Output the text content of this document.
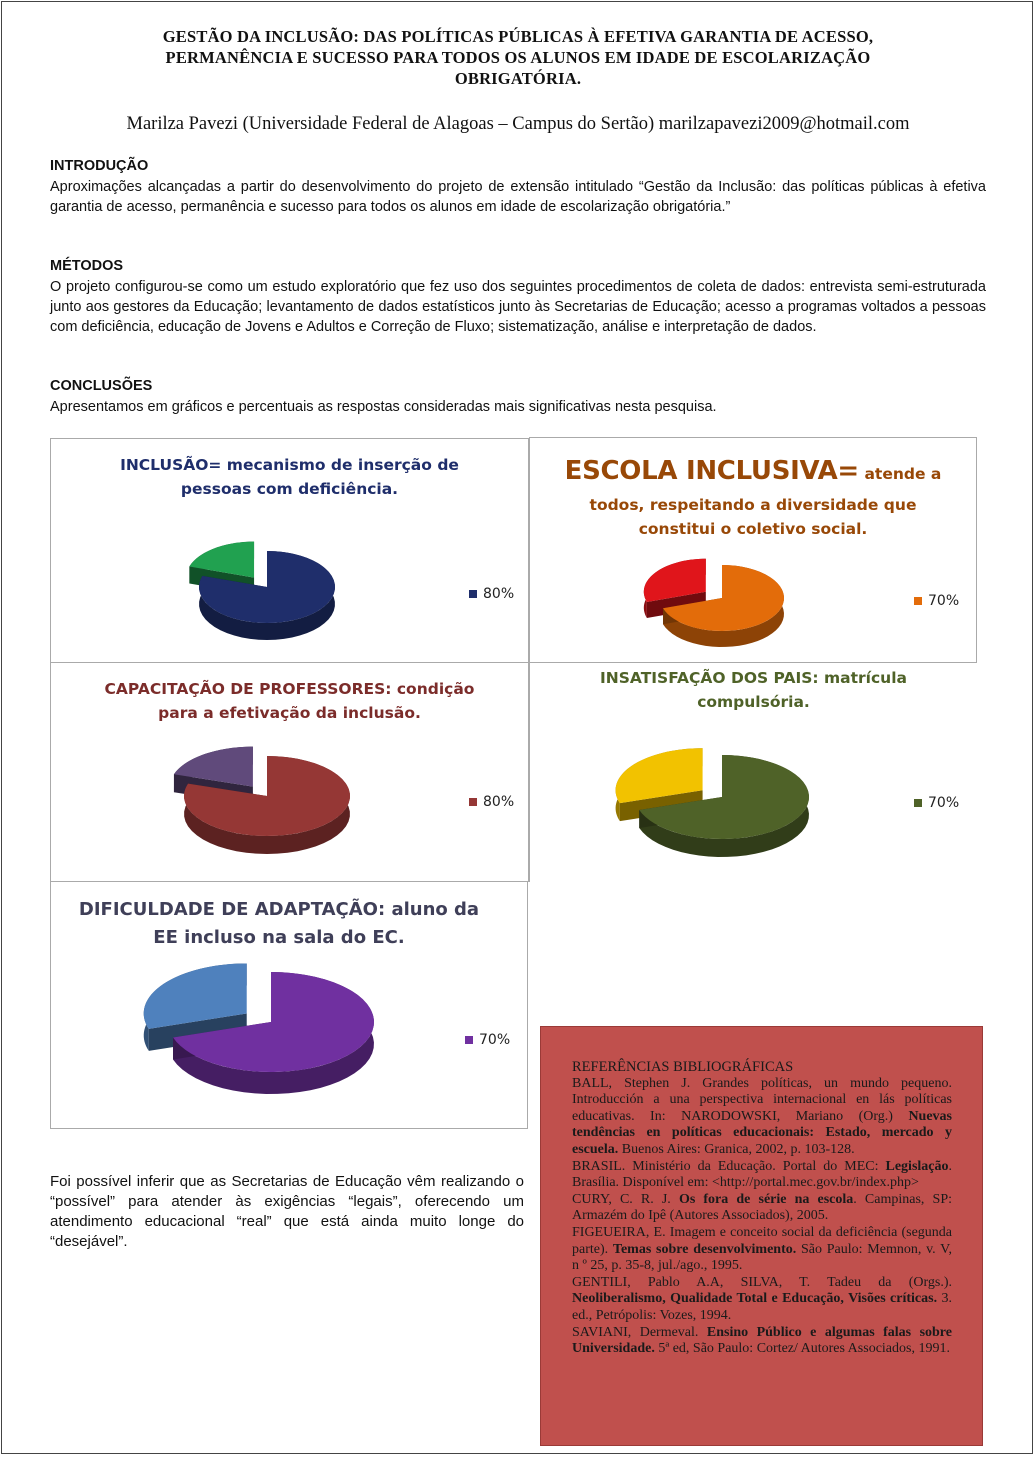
GESTÃO DA INCLUSÃO: DAS POLÍTICAS PÚBLICAS À EFETIVA GARANTIA DE ACESSO,
PERMANÊNCIA E SUCESSO PARA TODOS OS ALUNOS EM IDADE DE ESCOLARIZAÇÃO
OBRIGATÓRIA.
Marilza Pavezi (Universidade Federal de Alagoas – Campus do Sertão) marilzapavezi2009@hotmail.com
INTRODUÇÃO
Aproximações alcançadas a partir do desenvolvimento do projeto de extensão intitulado “Gestão da Inclusão: das políticas públicas à efetiva garantia de acesso, permanência e sucesso para todos os alunos em idade de escolarização obrigatória.”
MÉTODOS
O projeto configurou-se como um estudo exploratório que fez uso dos seguintes procedimentos de coleta de dados: entrevista semi-estruturada junto aos gestores da Educação; levantamento de dados estatísticos junto às Secretarias de Educação; acesso a programas voltados a pessoas com deficiência, educação de Jovens e Adultos e Correção de Fluxo; sistematização, análise e interpretação de dados.
CONCLUSÕES
Apresentamos em gráficos e percentuais as respostas consideradas mais significativas nesta pesquisa.
INCLUSÃO= mecanismo de inserção de
pessoas com deficiência.
80%
ESCOLA INCLUSIVA= atende a
todos, respeitando a diversidade que
constitui o coletivo social.
70%
CAPACITAÇÃO DE PROFESSORES: condição
para a efetivação da inclusão.
80%
INSATISFAÇÃO DOS PAIS: matrícula
compulsória.
70%
DIFICULDADE DE ADAPTAÇÃO: aluno da
EE incluso na sala do EC.
70%
Foi possível inferir que as Secretarias de Educação vêm realizando o “possível” para atender às exigências “legais”, oferecendo um atendimento educacional “real” que está ainda muito longe do “desejável”.
REFERÊNCIAS BIBLIOGRÁFICAS

BALL, Stephen J. Grandes políticas, un mundo pequeno. Introducción a una perspectiva internacional en lás políticas educativas. In: NARODOWSKI, Mariano (Org.) Nuevas tendências en políticas educacionais: Estado, mercado y escuela. Buenos Aires: Granica, 2002, p. 103-128.

BRASIL. Ministério da Educação. Portal do MEC: Legislação. Brasília. Disponível em: <http://portal.mec.gov.br/index.php>

CURY, C. R. J. Os fora de série na escola. Campinas, SP: Armazém do Ipê (Autores Associados), 2005.

FIGEUEIRA, E. Imagem e conceito social da deficiência (segunda parte). Temas sobre desenvolvimento. São Paulo: Memnon, v. V, n º 25, p. 35-8, jul./ago., 1995.

GENTILI, Pablo A.A, SILVA, T. Tadeu da (Orgs.). Neoliberalismo, Qualidade Total e Educação, Visões críticas. 3. ed., Petrópolis: Vozes, 1994.

SAVIANI, Dermeval. Ensino Público e algumas falas sobre Universidade. 5ª ed, São Paulo: Cortez/ Autores Associados, 1991.
